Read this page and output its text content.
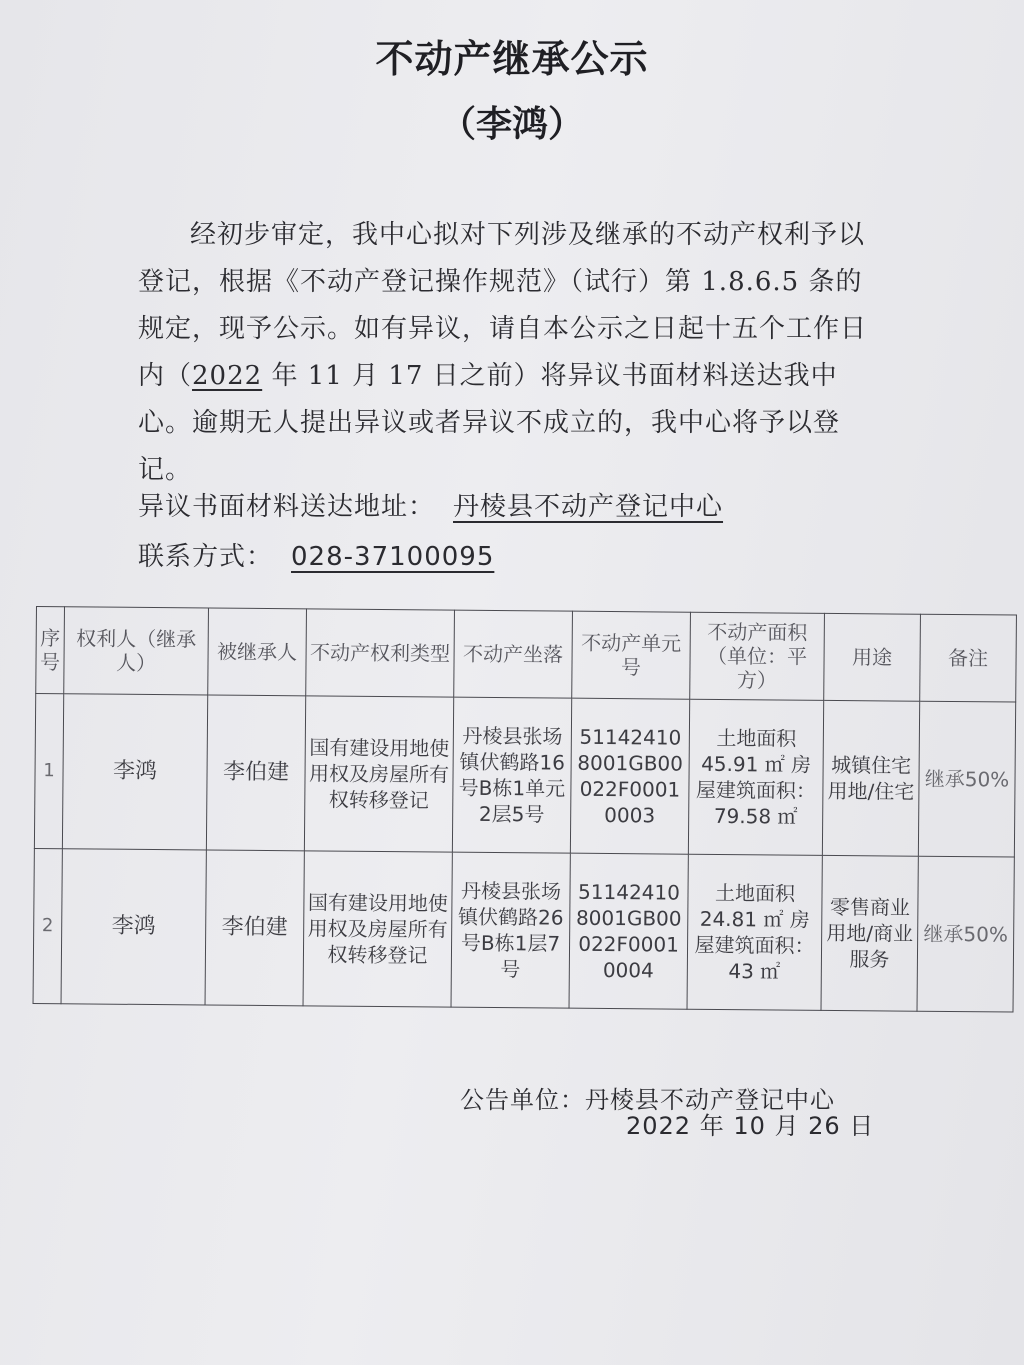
不动产继承公示
（李鸿）
经初步审定，我中心拟对下列涉及继承的不动产权利予以登记，根据《不动产登记操作规范》（试行）第 1.8.6.5 条的规定，现予公示。如有异议，请自本公示之日起十五个工作日内（2022 年 11 月 17 日之前）将异议书面材料送达我中心。逾期无人提出异议或者异议不成立的，我中心将予以登记。
异议书面材料送达地址： 丹棱县不动产登记中心
联系方式： 028-37100095
序号	权利人（继承人）	被继承人	不动产权利类型	不动产坐落	不动产单元号	不动产面积（单位：平方）	用途	备注
1	李鸿	李伯建	国有建设用地使用权及房屋所有权转移登记	丹棱县张场镇伏鹤路16号B栋1单元2层5号	511424108001GB00022F00010003	土地面积45.91 ㎡ 房屋建筑面积：79.58 ㎡	城镇住宅用地/住宅	继承50%
2	李鸿	李伯建	国有建设用地使用权及房屋所有权转移登记	丹棱县张场镇伏鹤路26号B栋1层7号	511424108001GB00022F00010004	土地面积24.81 ㎡ 房屋建筑面积：43 ㎡	零售商业用地/商业服务	继承50%
公告单位：丹棱县不动产登记中心
2022 年 10 月 26 日
